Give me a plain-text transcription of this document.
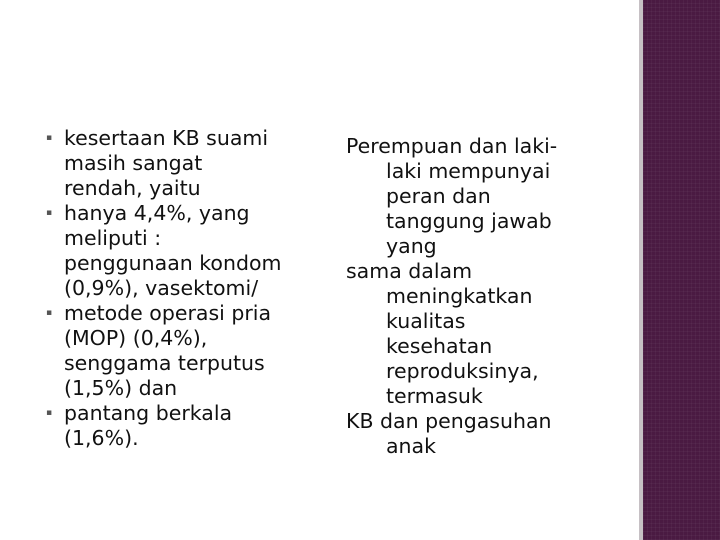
▪ kesertaan KB suami
masih sangat
rendah, yaitu
▪ hanya 4,4%, yang
meliputi :
penggunaan kondom
(0,9%), vasektomi/
▪ metode operasi pria
(MOP) (0,4%),
senggama terputus
(1,5%) dan
▪ pantang berkala
(1,6%).
Perempuan dan laki-
laki mempunyai
peran dan
tanggung jawab
yang
sama dalam
meningkatkan
kualitas
kesehatan
reproduksinya,
termasuk
KB dan pengasuhan
anak
